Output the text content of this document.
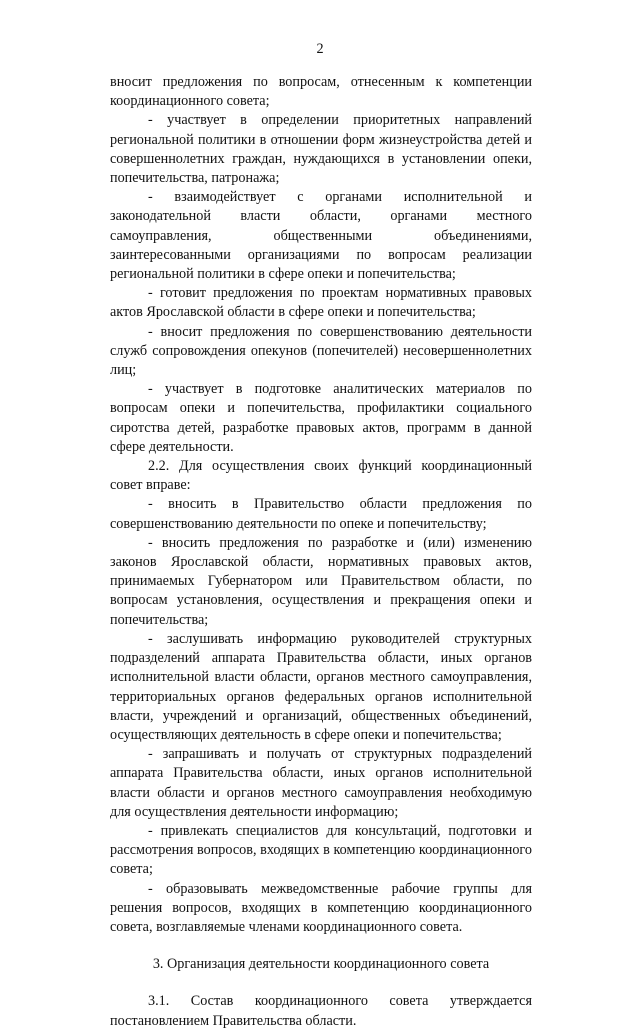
2

вносит предложения по вопросам, отнесенным к компетенции координационного совета;

- участвует в определении приоритетных направлений региональной политики в отношении форм жизнеустройства детей и совершеннолетних граждан, нуждающихся в установлении опеки, попечительства, патронажа;

- взаимодействует с органами исполнительной и законодательной власти области, органами местного самоуправления, общественными объединениями, заинтересованными организациями по вопросам реализации региональной политики в сфере опеки и попечительства;

- готовит предложения по проектам нормативных правовых актов Ярославской области в сфере опеки и попечительства;

- вносит предложения по совершенствованию деятельности служб сопровождения опекунов (попечителей) несовершеннолетних лиц;

- участвует в подготовке аналитических материалов по вопросам опеки и попечительства, профилактики социального сиротства детей, разработке правовых актов, программ в данной сфере деятельности.

2.2. Для осуществления своих функций координационный совет вправе:

- вносить в Правительство области предложения по совершенствованию деятельности по опеке и попечительству;

- вносить предложения по разработке и (или) изменению законов Ярославской области, нормативных правовых актов, принимаемых Губернатором или Правительством области, по вопросам установления, осуществления и прекращения опеки и попечительства;

- заслушивать информацию руководителей структурных подразделений аппарата Правительства области, иных органов исполнительной власти области, органов местного самоуправления, территориальных органов федеральных органов исполнительной власти, учреждений и организаций, общественных объединений, осуществляющих деятельность в сфере опеки и попечительства;

- запрашивать и получать от структурных подразделений аппарата Правительства области, иных органов исполнительной власти области и органов местного самоуправления необходимую для осуществления деятельности информацию;

- привлекать специалистов для консультаций, подготовки и рассмотрения вопросов, входящих в компетенцию координационного совета;

- образовывать межведомственные рабочие группы для решения вопросов, входящих в компетенцию координационного совета, возглавляемые членами координационного совета.

3. Организация деятельности координационного совета

3.1. Состав координационного совета утверждается постановлением Правительства области.
